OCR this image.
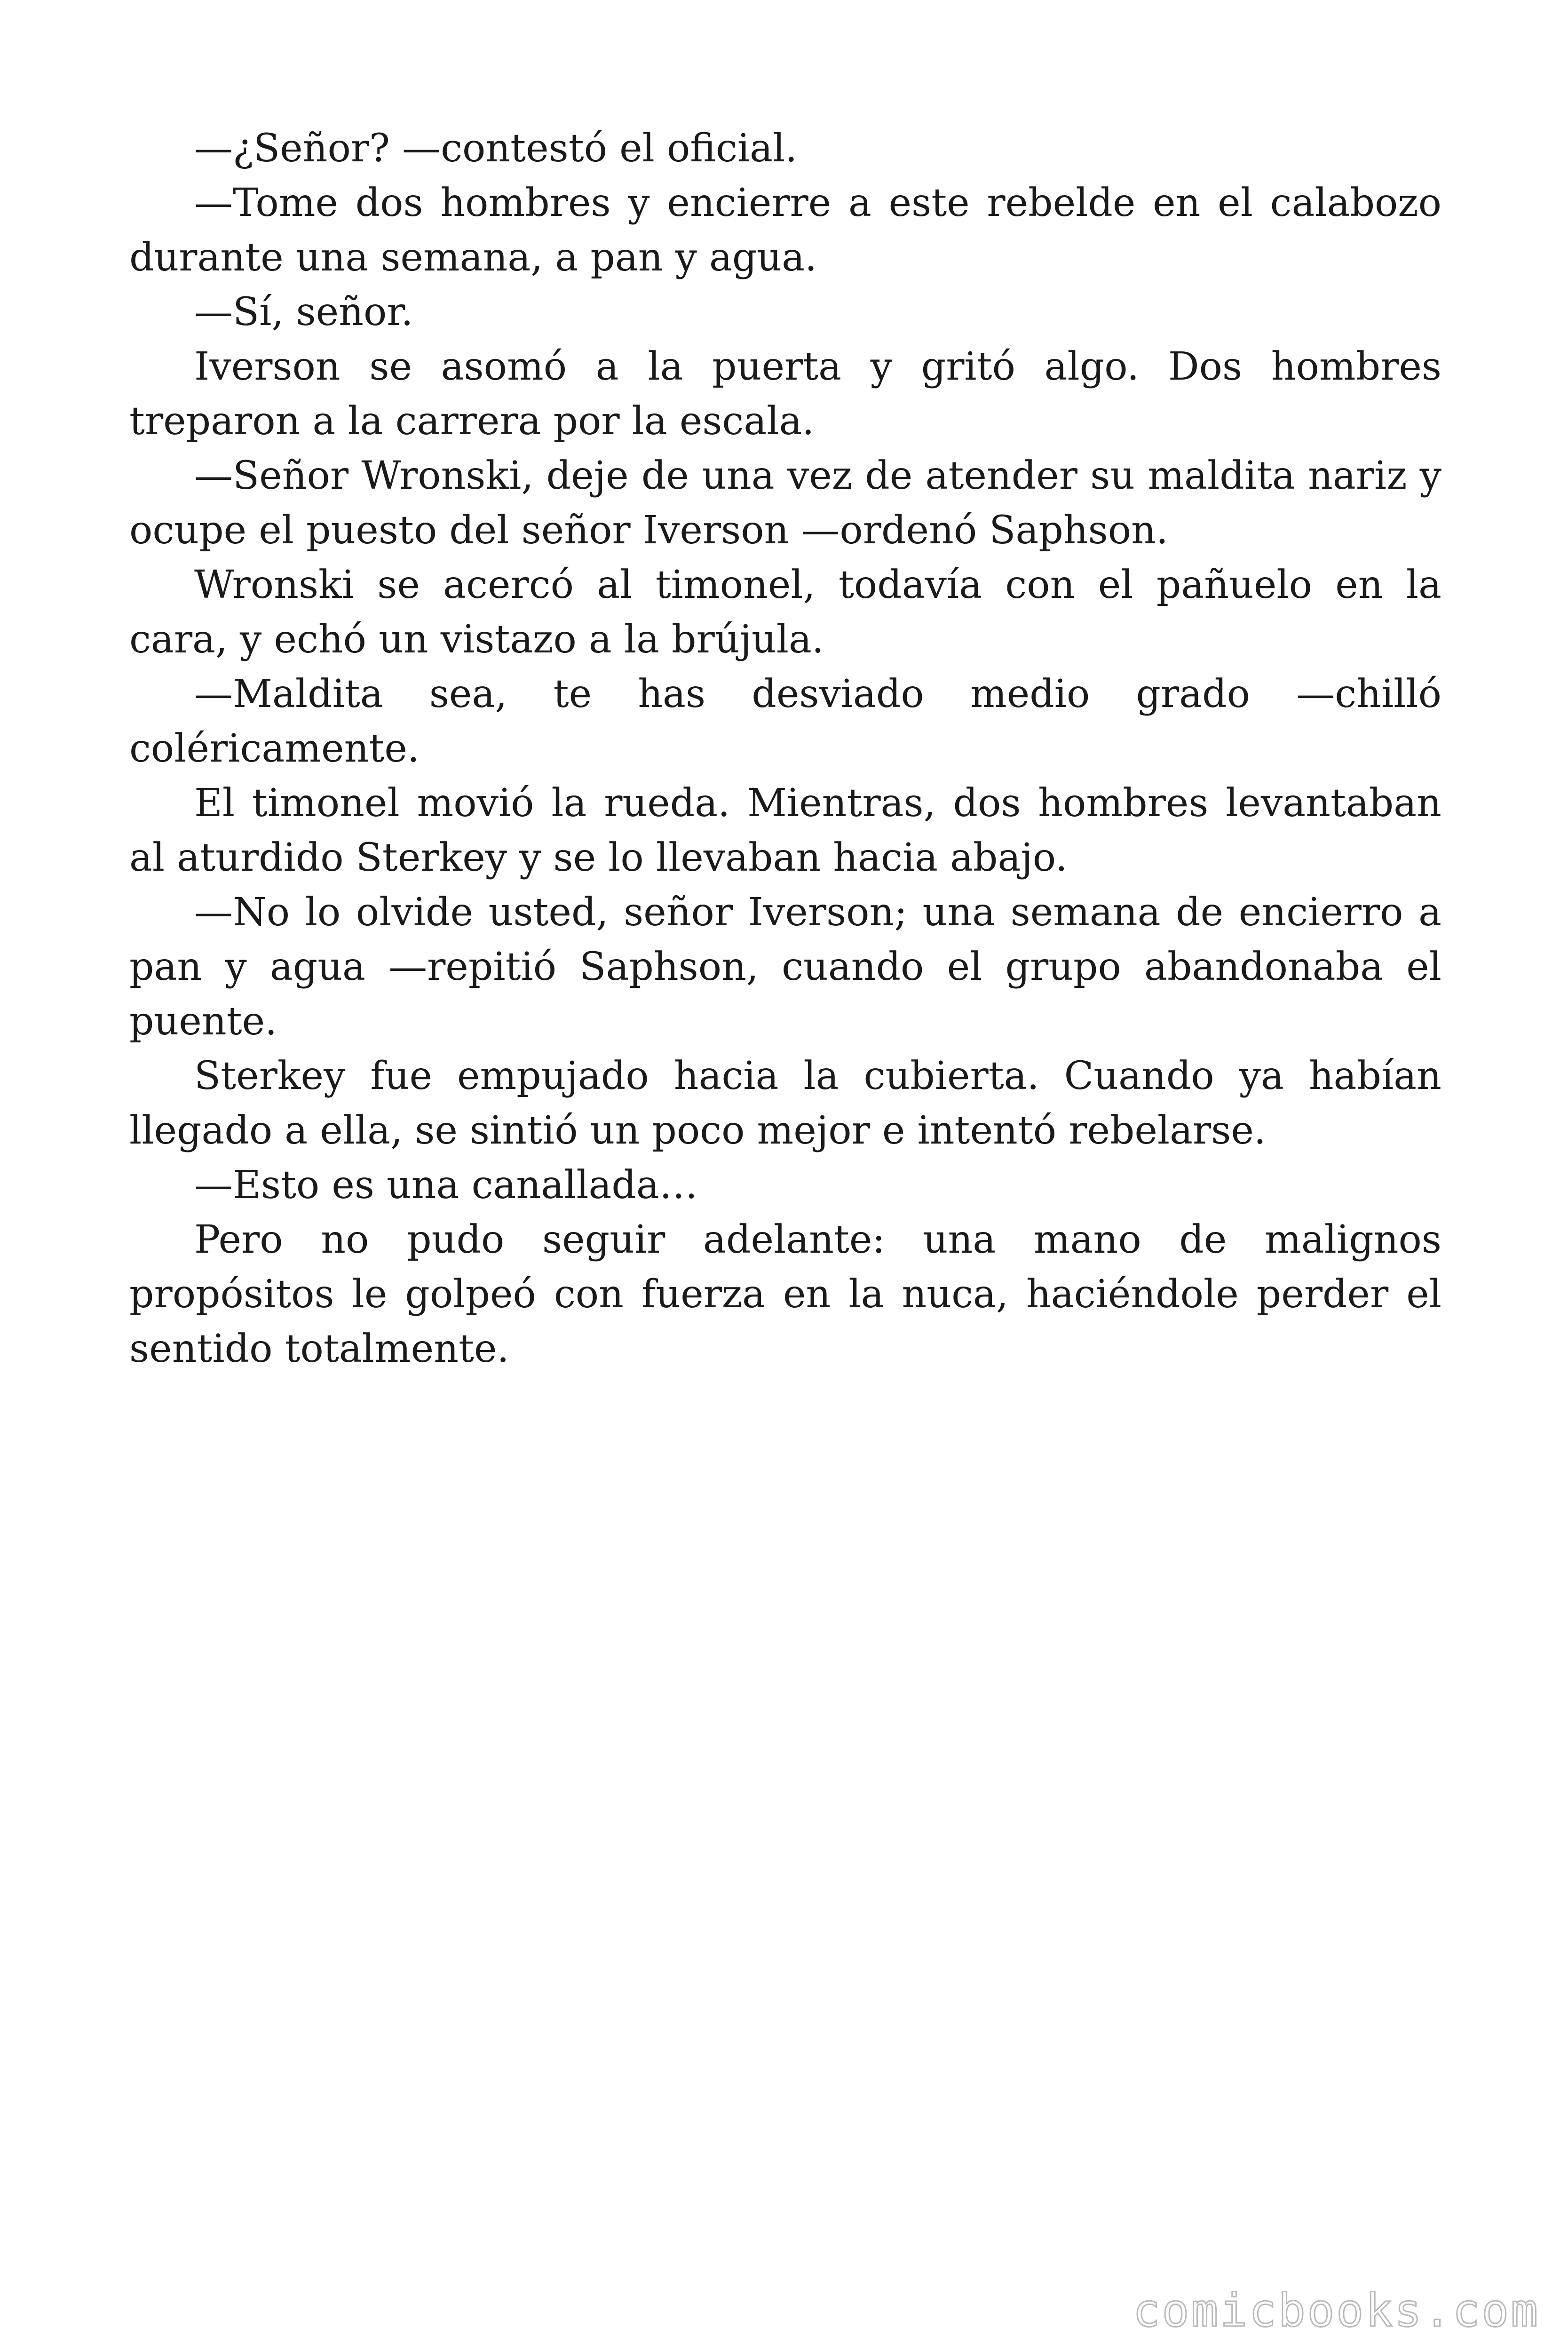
—¿Señor? —contestó el oficial.

—Tome dos hombres y encierre a este rebelde en el calabozo durante una semana, a pan y agua.

—Sí, señor.

Iverson se asomó a la puerta y gritó algo. Dos hombres treparon a la carrera por la escala.

—Señor Wronski, deje de una vez de atender su maldita nariz y ocupe el puesto del señor Iverson —ordenó Saphson.

Wronski se acercó al timonel, todavía con el pañuelo en la cara, y echó un vistazo a la brújula.

—Maldita sea, te has desviado medio grado —chilló coléricamente.

El timonel movió la rueda. Mientras, dos hombres levantaban al aturdido Sterkey y se lo llevaban hacia abajo.

—No lo olvide usted, señor Iverson; una semana de encierro a pan y agua —repitió Saphson, cuando el grupo abandonaba el puente.

Sterkey fue empujado hacia la cubierta. Cuando ya habían llegado a ella, se sintió un poco mejor e intentó rebelarse.

—Esto es una canallada…

Pero no pudo seguir adelante: una mano de malignos propósitos le golpeó con fuerza en la nuca, haciéndole perder el sentido totalmente.

comicbooks.com
